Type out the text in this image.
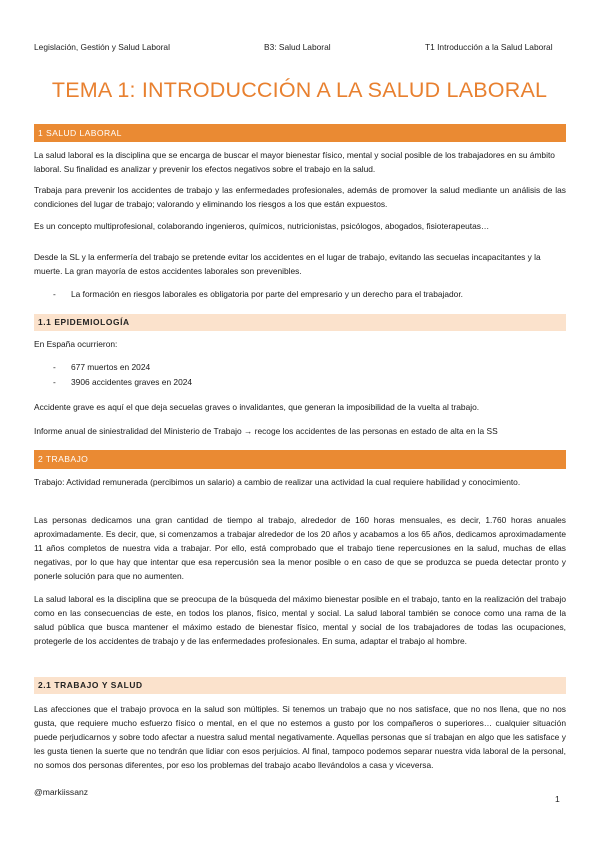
Legislación, Gestión y Salud Laboral	B3: Salud Laboral	T1 Introducción a la Salud Laboral
TEMA 1: INTRODUCCIÓN A LA SALUD LABORAL
1 SALUD LABORAL
La salud laboral es la disciplina que se encarga de buscar el mayor bienestar físico, mental y social posible de los trabajadores en su ámbito laboral. Su finalidad es analizar y prevenir los efectos negativos sobre el trabajo en la salud.
Trabaja para prevenir los accidentes de trabajo y las enfermedades profesionales, además de promover la salud mediante un análisis de las condiciones del lugar de trabajo; valorando y eliminando los riesgos a los que están expuestos.
Es un concepto multiprofesional, colaborando ingenieros, químicos, nutricionistas, psicólogos, abogados, fisioterapeutas…
Desde la SL y la enfermería del trabajo se pretende evitar los accidentes en el lugar de trabajo, evitando las secuelas incapacitantes y la muerte. La gran mayoría de estos accidentes laborales son prevenibles.
- La formación en riesgos laborales es obligatoria por parte del empresario y un derecho para el trabajador.
1.1 EPIDEMIOLOGÍA
En España ocurrieron:
- 677 muertos en 2024
- 3906 accidentes graves en 2024
Accidente grave es aquí el que deja secuelas graves o invalidantes, que generan la imposibilidad de la vuelta al trabajo.
Informe anual de siniestralidad del Ministerio de Trabajo → recoge los accidentes de las personas en estado de alta en la SS
2 TRABAJO
Trabajo: Actividad remunerada (percibimos un salario) a cambio de realizar una actividad la cual requiere habilidad y conocimiento.
Las personas dedicamos una gran cantidad de tiempo al trabajo, alrededor de 160 horas mensuales, es decir, 1.760 horas anuales aproximadamente. Es decir, que, si comenzamos a trabajar alrededor de los 20 años y acabamos a los 65 años, dedicamos aproximadamente 11 años completos de nuestra vida a trabajar. Por ello, está comprobado que el trabajo tiene repercusiones en la salud, muchas de ellas negativas, por lo que hay que intentar que esa repercusión sea la menor posible o en caso de que se produzca se pueda detectar pronto y ponerle solución para que no aumenten.
La salud laboral es la disciplina que se preocupa de la búsqueda del máximo bienestar posible en el trabajo, tanto en la realización del trabajo como en las consecuencias de este, en todos los planos, físico, mental y social. La salud laboral también se conoce como una rama de la salud pública que busca mantener el máximo estado de bienestar físico, mental y social de los trabajadores de todas las ocupaciones, protegerle de los accidentes de trabajo y de las enfermedades profesionales. En suma, adaptar el trabajo al hombre.
2.1 TRABAJO Y SALUD
Las afecciones que el trabajo provoca en la salud son múltiples. Si tenemos un trabajo que no nos satisface, que no nos llena, que no nos gusta, que requiere mucho esfuerzo físico o mental, en el que no estemos a gusto por los compañeros o superiores… cualquier situación puede perjudicarnos y sobre todo afectar a nuestra salud mental negativamente. Aquellas personas que sí trabajan en algo que les satisface y les gusta tienen la suerte que no tendrán que lidiar con esos perjuicios. Al final, tampoco podemos separar nuestra vida laboral de la personal, no somos dos personas diferentes, por eso los problemas del trabajo acabo llevándolos a casa y viceversa.
@markiissanz
1
